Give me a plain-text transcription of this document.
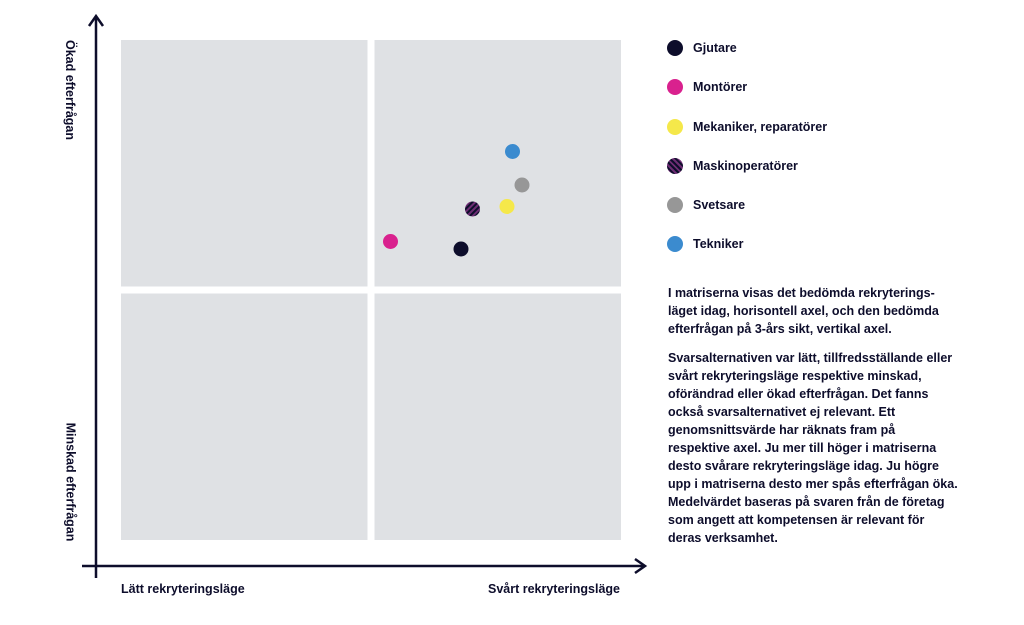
Ökad efterfrågan
Minskad efterfrågan
Lätt rekryteringsläge	Svårt rekryteringsläge
Gjutare
Montörer
Mekaniker, reparatörer
Maskinoperatörer
Svetsare
Tekniker

I matriserna visas det bedömda rekryterings-läget idag, horisontell axel, och den bedömda efterfrågan på 3-års sikt, vertikal axel.

Svarsalternativen var lätt, tillfredsställande eller svårt rekryteringsläge respektive minskad, oförändrad eller ökad efterfrågan. Det fanns också svarsalternativet ej relevant. Ett genomsnittsvärde har räknats fram på respektive axel. Ju mer till höger i matriserna desto svårare rekryteringsläge idag. Ju högre upp i matriserna desto mer spås efterfrågan öka. Medelvärdet baseras på svaren från de företag som angett att kompetensen är relevant för deras verksamhet.
